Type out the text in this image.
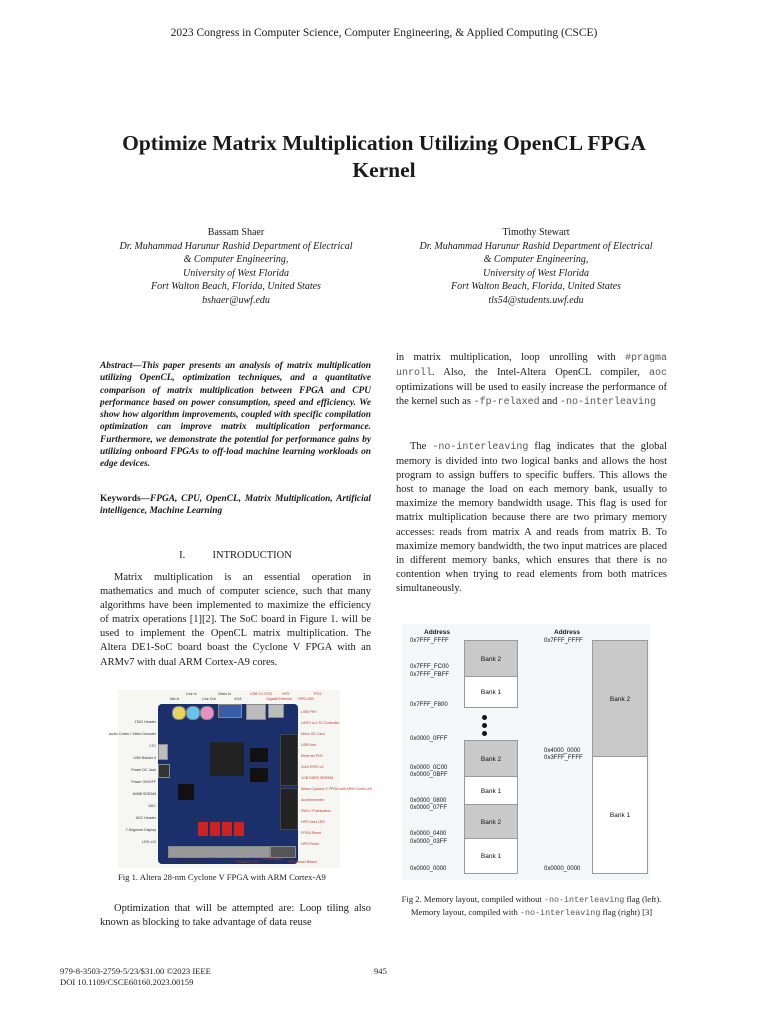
2023 Congress in Computer Science, Computer Engineering, & Applied Computing (CSCE)
Optimize Matrix Multiplication Utilizing OpenCL FPGA
Kernel
Bassam Shaer
Dr. Muhammad Harunur Rashid Department of Electrical
& Computer Engineering,
University of West Florida
Fort Walton Beach, Florida, United States
bshaer@uwf.edu
Timothy Stewart
Dr. Muhammad Harunur Rashid Department of Electrical
& Computer Engineering,
University of West Florida
Fort Walton Beach, Florida, United States
tls54@students.uwf.edu
Abstract—This paper presents an analysis of matrix multiplication utilizing OpenCL, optimization techniques, and a quantitative comparison of matrix multiplication between FPGA and CPU performance based on power consumption, speed and efficiency. We show how algorithm improvements, coupled with specific compilation optimization can improve matrix multiplication performance. Furthermore, we demonstrate the potential for performance gains by utilizing onboard FPGAs to off-load machine learning workloads on edge devices.
Keywords—FPGA, CPU, OpenCL, Matrix Multiplication, Artificial intelligence, Machine Learning
I.	INTRODUCTION

Matrix multiplication is an essential operation in mathematics and much of computer science, such that many algorithms have been implemented to maximize the efficiency of matrix operations [1][2]. The SoC board in Figure 1. will be used to implement the OpenCL matrix multiplication. The Altera DE1-SoC board boast the Cyclone V FPGA with an ARMv7 with dual ARM Cortex-A9 cores.

Mic in
Line in
Line Out
Video In
VGA
USB 2.0 OTG
Gigabit Ethernet
HPS
HPS USB
PS/2
JTAG Header
Audio Codec / Video Decoder
LTC
USB Blaster II
Power DC Jack
Power ON/OFF
64MB SDRAM
ADC
ADC Header
7-Segment Display
LED x10
USB PHY
LINTC to LTC Controller
Micro SD Card
USB Hub
Ethernet PHY
2x20 GPIO x2
1GB DDR3 SDRAM
Altera Cyclone V FPGA with ARM Cortex-A9
Accelerometer
SW's / Pushbutton
HPS User LED
FPGA Reset
HPS Reset
Switch x10
Button x4
SW/HEX_EXT
FPGA Reset
HPS Reset Button
Fig 1. Altera 28-nm Cyclone V FPGA with ARM Cortex-A9

Optimization that will be attempted are: Loop tiling also known as blocking to take advantage of data reuse

in matrix multiplication, loop unrolling with #pragma unroll. Also, the Intel-Altera OpenCL compiler, aoc optimizations will be used to easily increase the performance of the kernel such as -fp-relaxed and -no-interleaving

The -no-interleaving flag indicates that the global memory is divided into two logical banks and allows the host program to assign buffers to specific buffers. This allows the host to manage the load on each memory bank, usually to maximize the memory bandwidth usage. This flag is used for matrix multiplication because there are two primary memory accesses: reads from matrix A and reads from matrix B. To maximize memory bandwidth, the two input matrices are placed in different memory banks, which ensures that there is no contention when trying to read elements from both matrices simultaneously.

Address	Address
Bank 2
Bank 1
Bank 2
Bank 1
Bank 2
Bank 1
0x7FFF_FFFF
0x7FFF_FC00
0x7FFF_FBFF
0x7FFF_F800
0x0000_0FFF
0x0000_0C00
0x0000_0BFF
0x0000_0800
0x0000_07FF
0x0000_0400
0x0000_03FF
0x0000_0000
Bank 2
Bank 1
0x7FFF_FFFF
0x4000_0000
0x3FFF_FFFF
0x0000_0000
Fig 2. Memory layout, compiled without -no-interleaving flag (left). Memory layout, compiled with -no-interleaving flag (right) [3]
979-8-3503-2759-5/23/$31.00 ©2023 IEEE
DOI 10.1109/CSCE60160.2023.00159
945
